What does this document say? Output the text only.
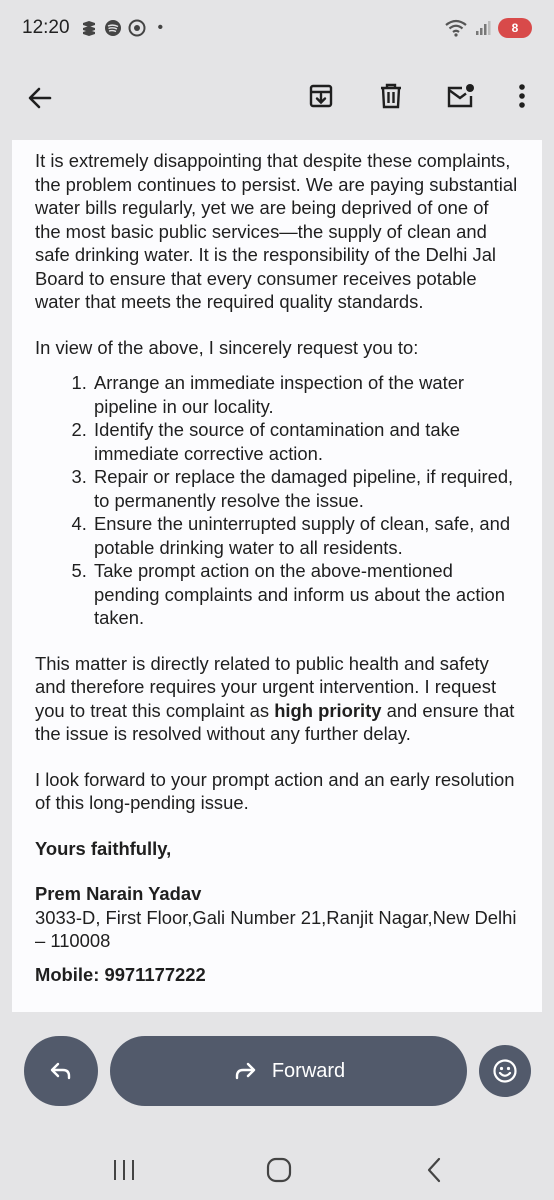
12:20	•	8

It is extremely disappointing that despite these complaints, the problem continues to persist. We are paying substantial water bills regularly, yet we are being deprived of one of the most basic public services—the supply of clean and safe drinking water. It is the responsibility of the Delhi Jal Board to ensure that every consumer receives potable water that meets the required quality standards.

In view of the above, I sincerely request you to:

1. Arrange an immediate inspection of the water pipeline in our locality.
2. Identify the source of contamination and take immediate corrective action.
3. Repair or replace the damaged pipeline, if required, to permanently resolve the issue.
4. Ensure the uninterrupted supply of clean, safe, and potable drinking water to all residents.
5. Take prompt action on the above-mentioned pending complaints and inform us about the action taken.

This matter is directly related to public health and safety and therefore requires your urgent intervention. I request you to treat this complaint as high priority and ensure that the issue is resolved without any further delay.

I look forward to your prompt action and an early resolution of this long-pending issue.

Yours faithfully,

Prem Narain Yadav
3033-D, First Floor,Gali Number 21,Ranjit Nagar,New Delhi – 110008
Mobile: 9971177222
Forward
